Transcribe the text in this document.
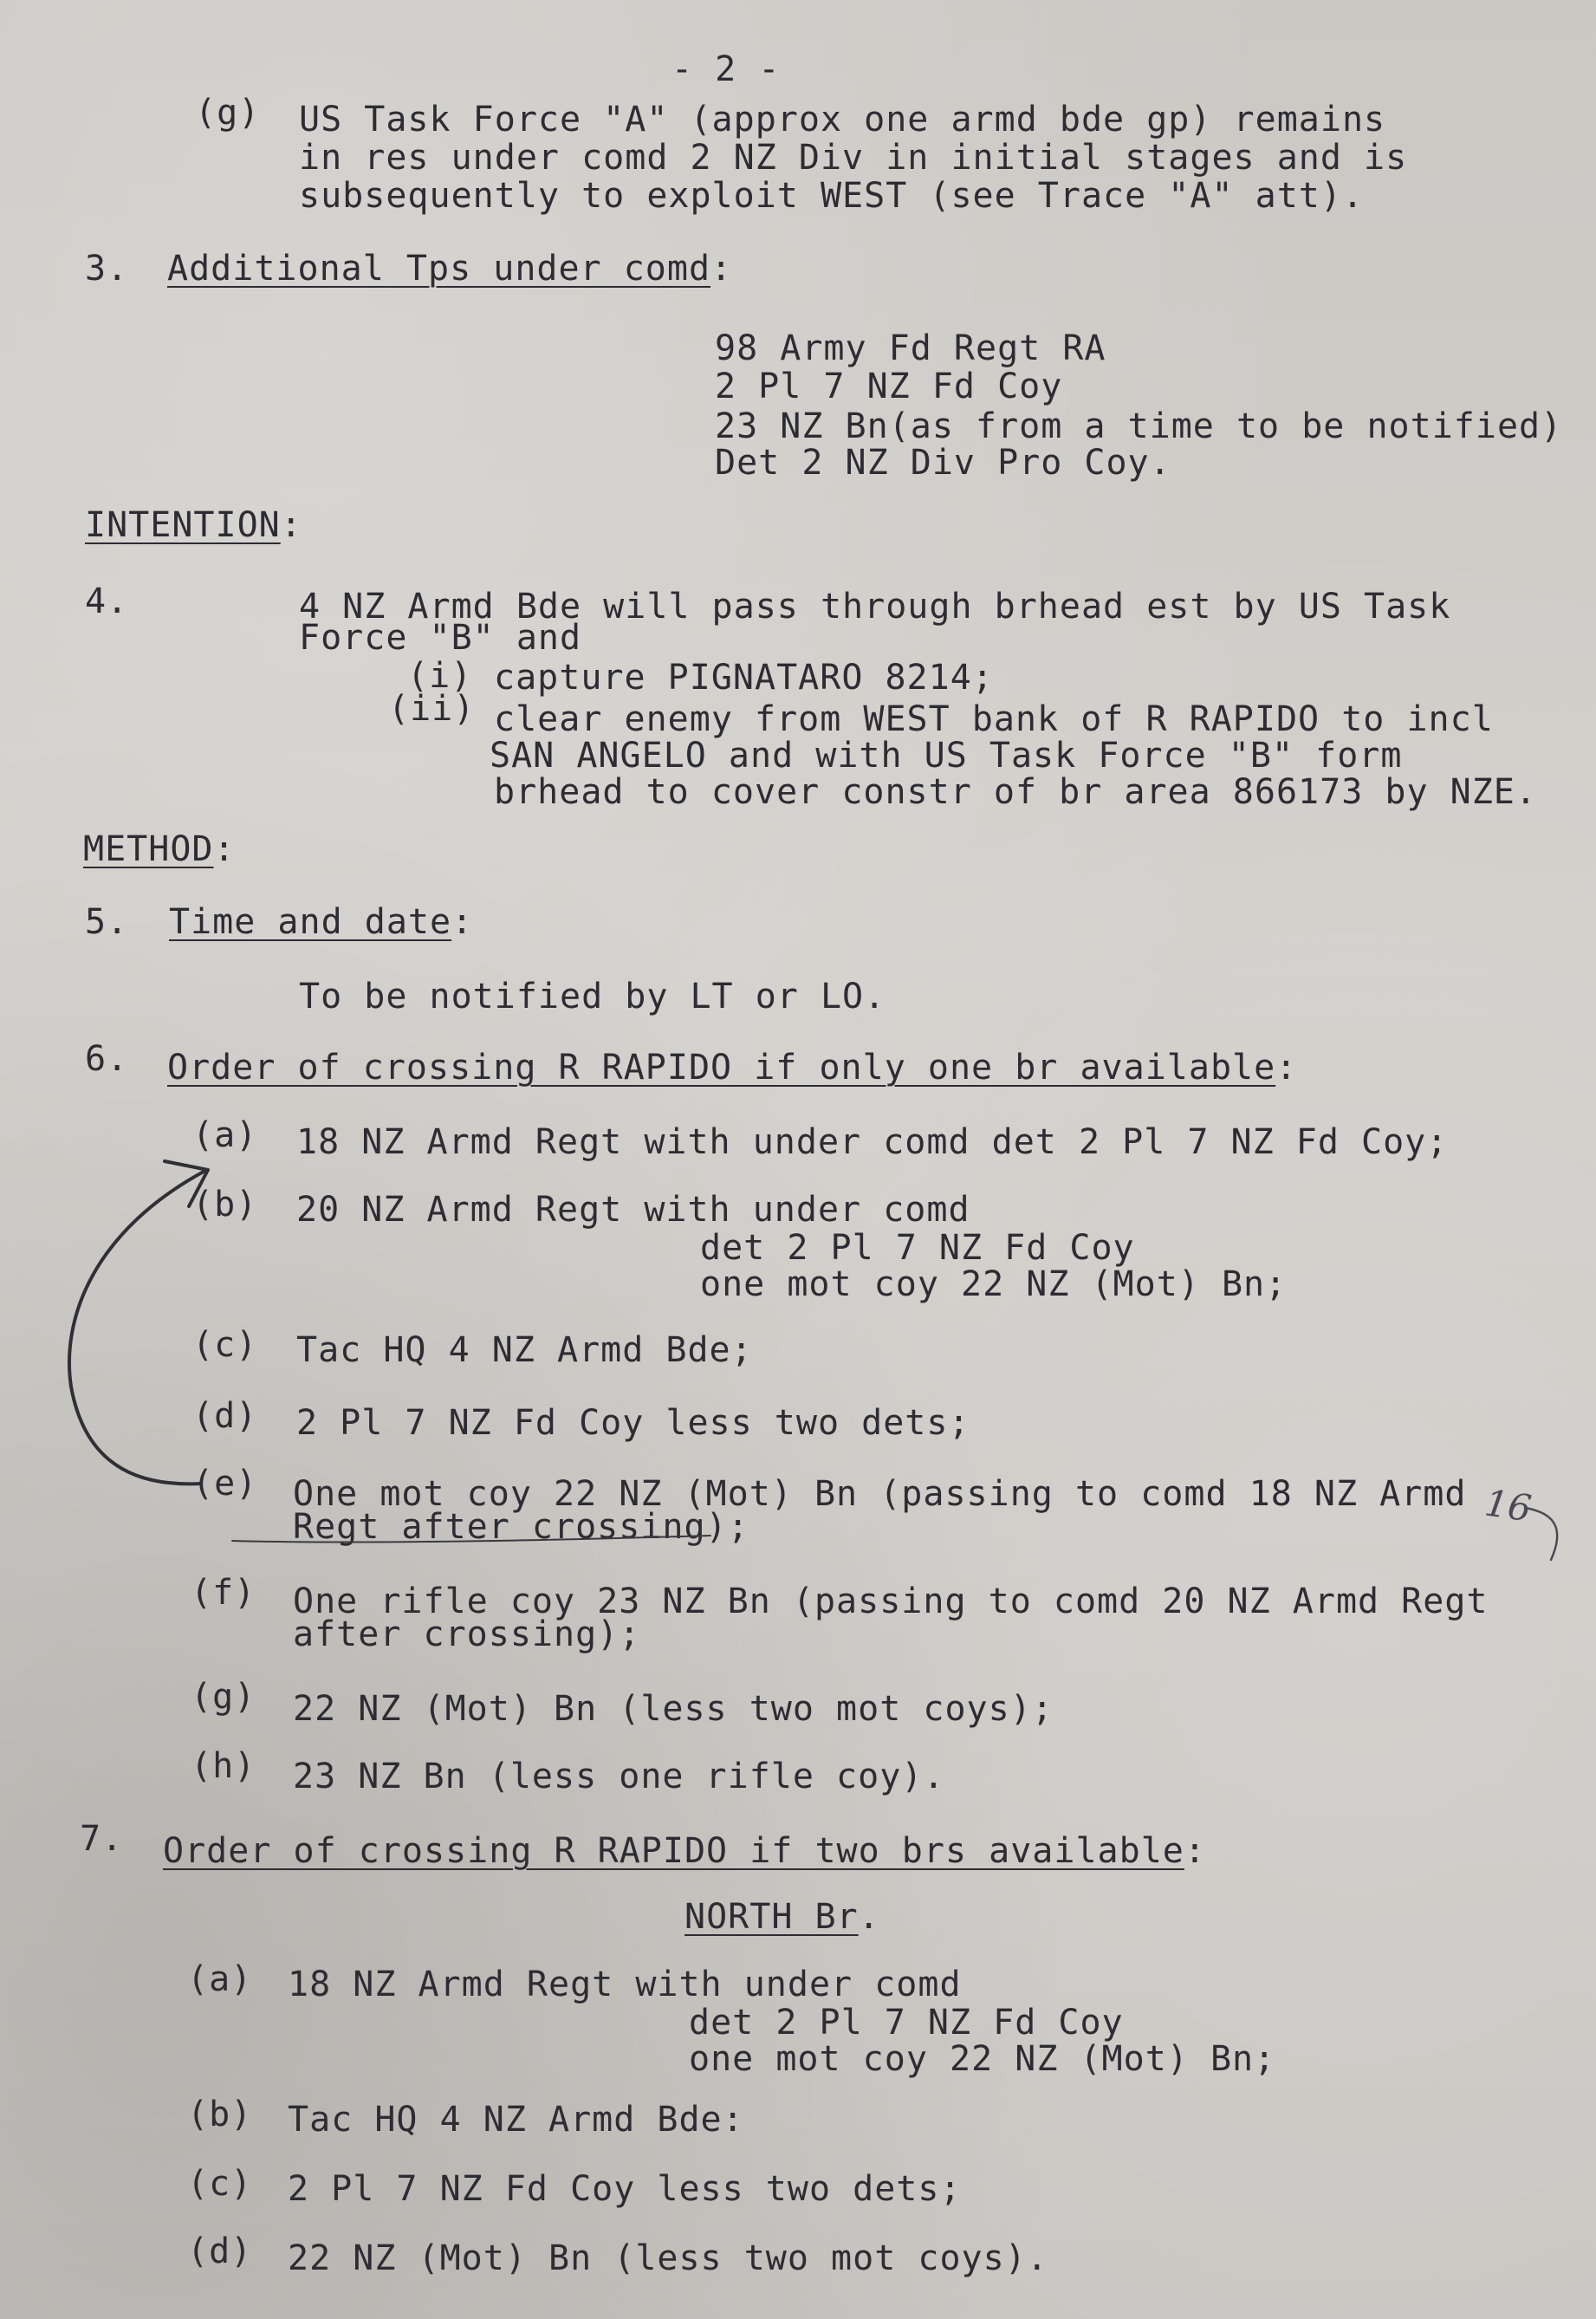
- 2 -
(g) US Task Force "A" (approx one armd bde gp) remains
in res under comd 2 NZ Div in initial stages and is
subsequently to exploit WEST (see Trace "A" att).
3. Additional Tps under comd:
98 Army Fd Regt RA
2 Pl 7 NZ Fd Coy
23 NZ Bn(as from a time to be notified)
Det 2 NZ Div Pro Coy.
INTENTION:
4.	4 NZ Armd Bde will pass through brhead est by US Task
Force "B" and
(i) capture PIGNATARO 8214;
(ii) clear enemy from WEST bank of R RAPIDO to incl
SAN ANGELO and with US Task Force "B" form
brhead to cover constr of br area 866173 by NZE.
METHOD:
5. Time and date:
To be notified by LT or LO.
6. Order of crossing R RAPIDO if only one br available:
(a) 18 NZ Armd Regt with under comd det 2 Pl 7 NZ Fd Coy;
(b) 20 NZ Armd Regt with under comd
det 2 Pl 7 NZ Fd Coy
one mot coy 22 NZ (Mot) Bn;
(c) Tac HQ 4 NZ Armd Bde;
(d) 2 Pl 7 NZ Fd Coy less two dets;
(e) One mot coy 22 NZ (Mot) Bn (passing to comd 18 NZ Armd
Regt after crossing);
(f) One rifle coy 23 NZ Bn (passing to comd 20 NZ Armd Regt
after crossing);
(g) 22 NZ (Mot) Bn (less two mot coys);
(h) 23 NZ Bn (less one rifle coy).
7. Order of crossing R RAPIDO if two brs available:
NORTH Br.
(a) 18 NZ Armd Regt with under comd
det 2 Pl 7 NZ Fd Coy
one mot coy 22 NZ (Mot) Bn;
(b) Tac HQ 4 NZ Armd Bde:
(c) 2 Pl 7 NZ Fd Coy less two dets;
(d) 22 NZ (Mot) Bn (less two mot coys).
16
